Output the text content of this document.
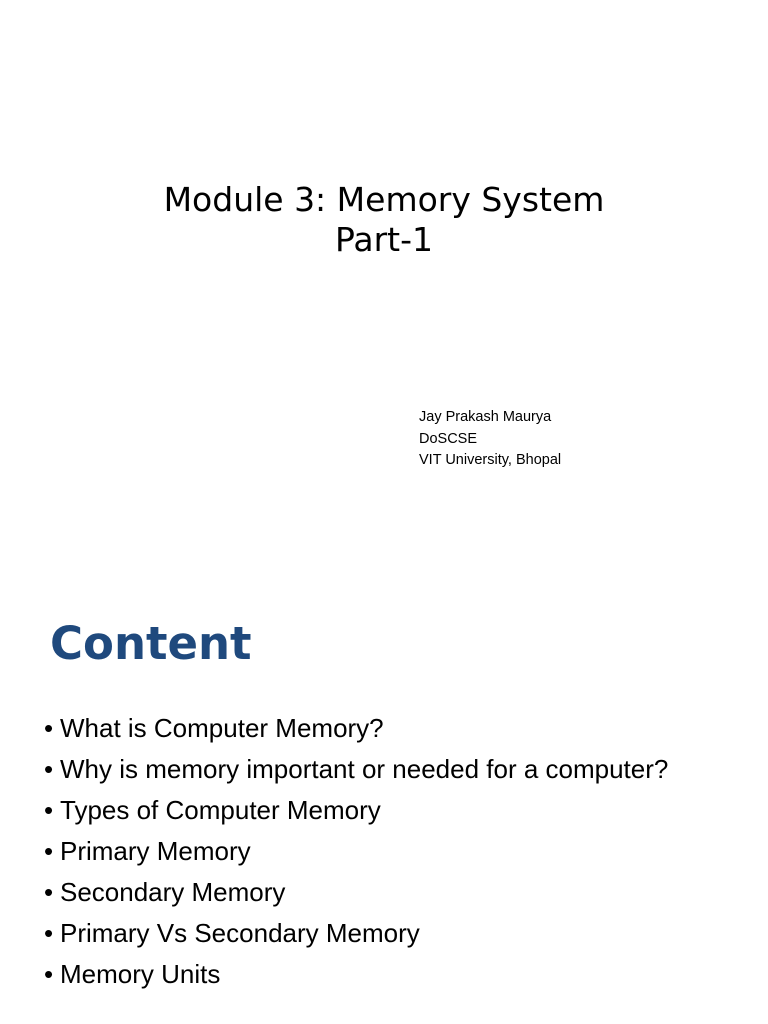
Module 3: Memory System
Part-1
Jay Prakash Maurya
DoSCSE
VIT University, Bhopal
Content
• What is Computer Memory?
• Why is memory important or needed for a computer?
• Types of Computer Memory
• Primary Memory
• Secondary Memory
• Primary Vs Secondary Memory
• Memory Units
